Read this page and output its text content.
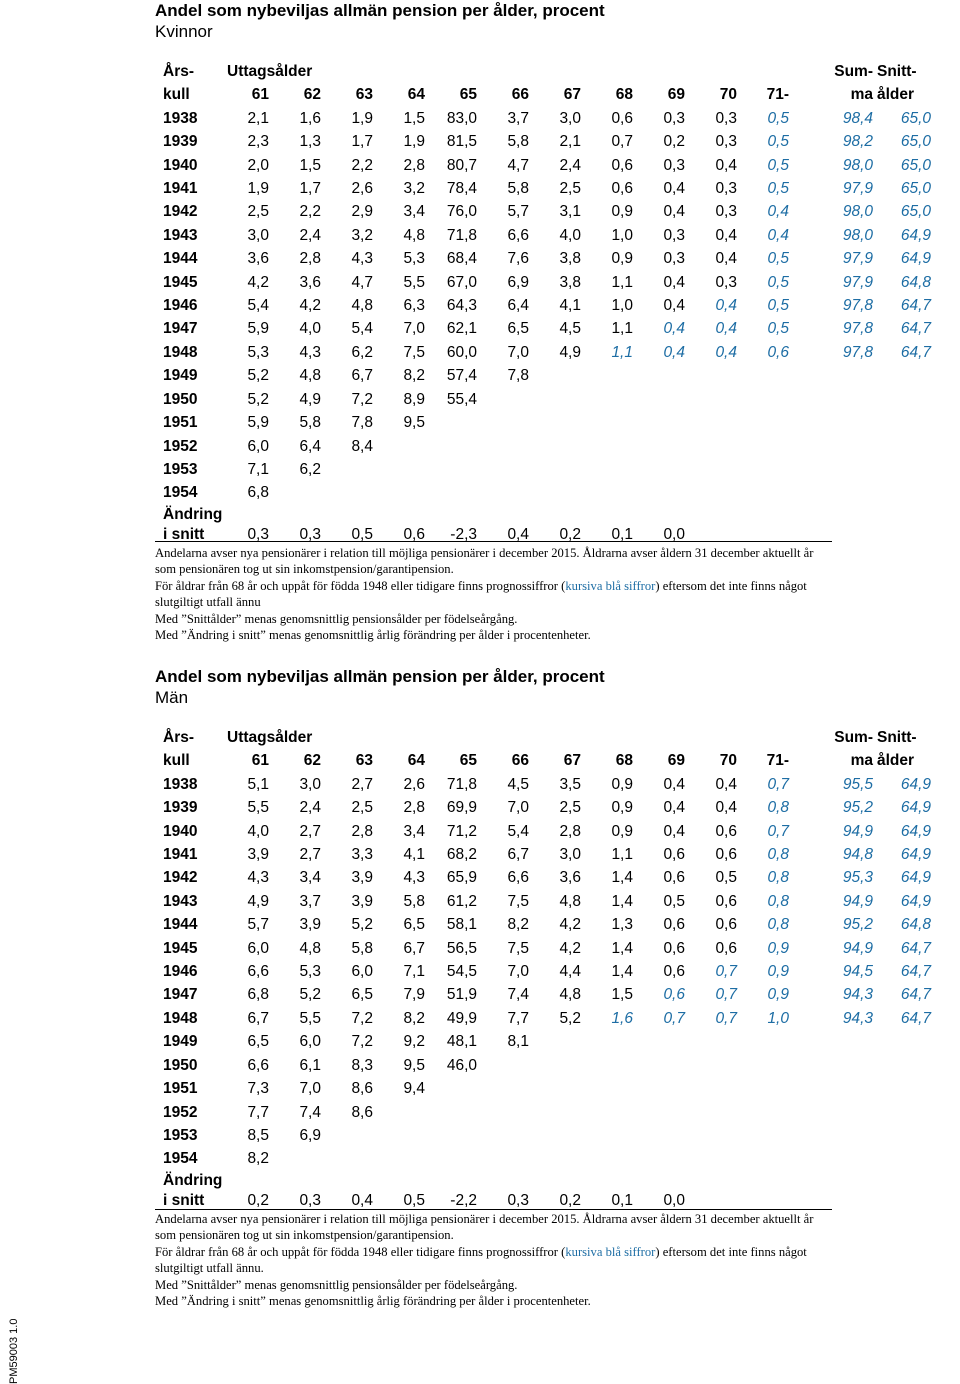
Andel som nybeviljas allmän pension per ålder, procent
Kvinnor
Års-	Uttagsålder											Sum-	Snitt-
kull	61	62	63	64	65	66	67	68	69	70	71-	ma	ålder
1938	2,1	1,6	1,9	1,5	83,0	3,7	3,0	0,6	0,3	0,3	0,5	98,4	65,0
1939	2,3	1,3	1,7	1,9	81,5	5,8	2,1	0,7	0,2	0,3	0,5	98,2	65,0
1940	2,0	1,5	2,2	2,8	80,7	4,7	2,4	0,6	0,3	0,4	0,5	98,0	65,0
1941	1,9	1,7	2,6	3,2	78,4	5,8	2,5	0,6	0,4	0,3	0,5	97,9	65,0
1942	2,5	2,2	2,9	3,4	76,0	5,7	3,1	0,9	0,4	0,3	0,4	98,0	65,0
1943	3,0	2,4	3,2	4,8	71,8	6,6	4,0	1,0	0,3	0,4	0,4	98,0	64,9
1944	3,6	2,8	4,3	5,3	68,4	7,6	3,8	0,9	0,3	0,4	0,5	97,9	64,9
1945	4,2	3,6	4,7	5,5	67,0	6,9	3,8	1,1	0,4	0,3	0,5	97,9	64,8
1946	5,4	4,2	4,8	6,3	64,3	6,4	4,1	1,0	0,4	0,4	0,5	97,8	64,7
1947	5,9	4,0	5,4	7,0	62,1	6,5	4,5	1,1	0,4	0,4	0,5	97,8	64,7
1948	5,3	4,3	6,2	7,5	60,0	7,0	4,9	1,1	0,4	0,4	0,6	97,8	64,7
1949	5,2	4,8	6,7	8,2	57,4	7,8							
1950	5,2	4,9	7,2	8,9	55,4								
1951	5,9	5,8	7,8	9,5									
1952	6,0	6,4	8,4										
1953	7,1	6,2											
1954	6,8												
Ändring													
i snitt	0,3	0,3	0,5	0,6	-2,3	0,4	0,2	0,1	0,0				

Andelarna avser nya pensionärer i relation till möjliga pensionärer i december 2015. Åldrarna avser åldern 31 december aktuellt år som pensionären tog ut sin inkomstpension/garantipension.

För åldrar från 68 år och uppåt för födda 1948 eller tidigare finns prognossiffror (kursiva blå siffror) eftersom det inte finns något slutgiltigt utfall ännu

Med ”Snittålder” menas genomsnittlig pensionsålder per födelseårgång.

Med ”Ändring i snitt” menas genomsnittlig årlig förändring per ålder i procentenheter.

Andel som nybeviljas allmän pension per ålder, procent
Män
Års-	Uttagsålder											Sum-	Snitt-
kull	61	62	63	64	65	66	67	68	69	70	71-	ma	ålder
1938	5,1	3,0	2,7	2,6	71,8	4,5	3,5	0,9	0,4	0,4	0,7	95,5	64,9
1939	5,5	2,4	2,5	2,8	69,9	7,0	2,5	0,9	0,4	0,4	0,8	95,2	64,9
1940	4,0	2,7	2,8	3,4	71,2	5,4	2,8	0,9	0,4	0,6	0,7	94,9	64,9
1941	3,9	2,7	3,3	4,1	68,2	6,7	3,0	1,1	0,6	0,6	0,8	94,8	64,9
1942	4,3	3,4	3,9	4,3	65,9	6,6	3,6	1,4	0,6	0,5	0,8	95,3	64,9
1943	4,9	3,7	3,9	5,8	61,2	7,5	4,8	1,4	0,5	0,6	0,8	94,9	64,9
1944	5,7	3,9	5,2	6,5	58,1	8,2	4,2	1,3	0,6	0,6	0,8	95,2	64,8
1945	6,0	4,8	5,8	6,7	56,5	7,5	4,2	1,4	0,6	0,6	0,9	94,9	64,7
1946	6,6	5,3	6,0	7,1	54,5	7,0	4,4	1,4	0,6	0,7	0,9	94,5	64,7
1947	6,8	5,2	6,5	7,9	51,9	7,4	4,8	1,5	0,6	0,7	0,9	94,3	64,7
1948	6,7	5,5	7,2	8,2	49,9	7,7	5,2	1,6	0,7	0,7	1,0	94,3	64,7
1949	6,5	6,0	7,2	9,2	48,1	8,1							
1950	6,6	6,1	8,3	9,5	46,0								
1951	7,3	7,0	8,6	9,4									
1952	7,7	7,4	8,6										
1953	8,5	6,9											
1954	8,2												
Ändring													
i snitt	0,2	0,3	0,4	0,5	-2,2	0,3	0,2	0,1	0,0				

Andelarna avser nya pensionärer i relation till möjliga pensionärer i december 2015. Åldrarna avser åldern 31 december aktuellt år som pensionären tog ut sin inkomstpension/garantipension.

För åldrar från 68 år och uppåt för födda 1948 eller tidigare finns prognossiffror (kursiva blå siffror) eftersom det inte finns något slutgiltigt utfall ännu.

Med ”Snittålder” menas genomsnittlig pensionsålder per födelseårgång.

Med ”Ändring i snitt” menas genomsnittlig årlig förändring per ålder i procentenheter.

PM59003 1.0
